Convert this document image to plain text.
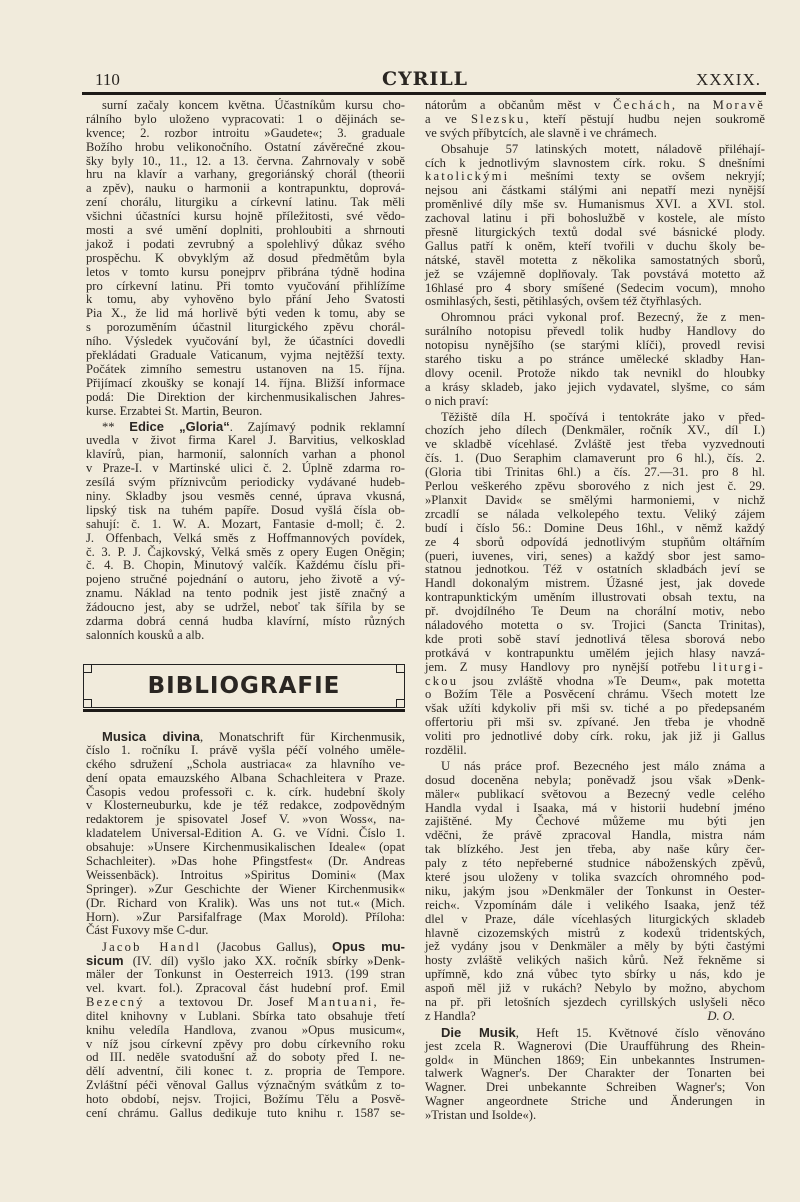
110	CYRILL	XXXIX.
surní začaly koncem května. Účastníkům kursu cho-
rálního bylo uloženo vypracovati: 1 o dějinách se-
kvence; 2. rozbor introitu »Gaudete«; 3. graduale
Božího hrobu velikonočního. Ostatní závěrečné zkou-
šky byly 10., 11., 12. a 13. června. Zahrnovaly v sobě
hru na klavír a varhany, gregoriánský chorál (theorii
a zpěv), nauku o harmonii a kontrapunktu, doprová-
zení chorálu, liturgiku a církevní latinu. Tak měli
všichni účastníci kursu hojně příležitosti, své vědo-
mosti a své umění doplniti, prohloubiti a shrnouti
jakož i podati zevrubný a spolehlivý důkaz svého
prospěchu. K obvyklým až dosud předmětům byla
letos v tomto kursu ponejprv přibrána týdně hodina
pro církevní latinu. Při tomto vyučování přihlížíme
k tomu, aby vyhověno bylo přání Jeho Svatosti
Pia X., že lid má horlivě býti veden k tomu, aby se
s porozuměním účastnil liturgického zpěvu chorál-
ního. Výsledek vyučování byl, že účastníci dovedli
překládati Graduale Vaticanum, vyjma nejtěžší texty.
Počátek zimního semestru ustanoven na 15. října.
Přijímací zkoušky se konají 14. října. Bližší informace
podá: Die Direktion der kirchenmusikalischen Jahres-
kurse. Erzabtei St. Martin, Beuron.
** Edice „Gloria“. Zajímavý podnik reklamní
uvedla v život firma Karel J. Barvitius, velkosklad
klavírů, pian, harmonií, salonních varhan a phonol
v Praze-I. v Martinské ulici č. 2. Úplně zdarma ro-
zesílá svým příznivcům periodicky vydávané hudeb-
niny. Skladby jsou vesměs cenné, úprava vkusná,
lipský tisk na tuhém papíře. Dosud vyšlá čísla ob-
sahují: č. 1. W. A. Mozart, Fantasie d-moll; č. 2.
J. Offenbach, Velká směs z Hoffmannových povídek,
č. 3. P. J. Čajkovský, Velká směs z opery Eugen Oněgin;
č. 4. B. Chopin, Minutový valčík. Každému číslu při-
pojeno stručné pojednání o autoru, jeho životě a vý-
znamu. Náklad na tento podnik jest jistě značný a
žádoucno jest, aby se udržel, neboť tak šířila by se
zdarma dobrá cenná hudba klavírní, místo různých
salonních kousků a alb.
BIBLIOGRAFIE
Musica divina, Monatschrift für Kirchenmusik,
číslo 1. ročníku I. právě vyšla péčí volného uměle-
ckého sdružení „Schola austriaca« za hlavního ve-
dení opata emauzského Albana Schachleitera v Praze.
Časopis vedou professoři c. k. círk. hudební školy
v Klosterneuburku, kde je též redakce, zodpovědným
redaktorem je spisovatel Josef V. »von Woss«, na-
kladatelem Universal-Edition A. G. ve Vídni. Číslo 1.
obsahuje: »Unsere Kirchenmusikalischen Ideale« (opat
Schachleiter). »Das hohe Pfingstfest« (Dr. Andreas
Weissenbäck). Introitus »Spiritus Domini« (Max
Springer). »Zur Geschichte der Wiener Kirchenmusik«
(Dr. Richard von Kralik). Was uns not tut.« (Mich.
Horn). »Zur Parsifalfrage (Max Morold). Příloha:
Část Fuxovy mše C-dur.
Jacob Handl (Jacobus Gallus), Opus mu-
sicum (IV. díl) vyšlo jako XX. ročník sbírky »Denk-
mäler der Tonkunst in Oesterreich 1913. (199 stran
vel. kvart. fol.). Zpracoval část hudební prof. Emil
Bezecný a textovou Dr. Josef Mantuani, ře-
ditel knihovny v Lublani. Sbírka tato obsahuje třetí
knihu veledíla Handlova, zvanou »Opus musicum«,
v níž jsou církevní zpěvy pro dobu církevního roku
od III. neděle svatodušní až do soboty před I. ne-
dělí adventní, čili konec t. z. propria de Tempore.
Zvláštní péči věnoval Gallus význačným svátkům z to-
hoto období, nejsv. Trojici, Božímu Tělu a Posvě-
cení chrámu. Gallus dedikuje tuto knihu r. 1587 se-
nátorům a občanům měst v Čechách, na Moravě
a ve Slezsku, kteří pěstují hudbu nejen soukromě
ve svých příbytcích, ale slavně i ve chrámech.
Obsahuje 57 latinských motett, náladově přiléhají-
cích k jednotlivým slavnostem círk. roku. S dnešními
katolickými mešními texty se ovšem nekryjí;
nejsou ani částkami stálými ani nepatří mezi nynější
proměnlivé díly mše sv. Humanismus XVI. a XVI. stol.
zachoval latinu i při bohoslužbě v kostele, ale místo
přesně liturgických textů dodal své básnické plody.
Gallus patří k oněm, kteří tvořili v duchu školy be-
nátské, stavěl motetta z několika samostatných sborů,
jež se vzájemně doplňovaly. Tak povstává motetto až
16hlasé pro 4 sbory smíšené (Sedecim vocum), mnoho
osmihlasých, šesti, pětihlasých, ovšem též čtyřhlasých.
Ohromnou práci vykonal prof. Bezecný, že z men-
surálního notopisu převedl tolik hudby Handlovy do
notopisu nynějšího (se starými klíči), provedl revisi
starého tisku a po stránce umělecké skladby Han-
dlovy ocenil. Protože nikdo tak nevnikl do hloubky
a krásy skladeb, jako jejich vydavatel, slyšme, co sám
o nich praví:
Těžiště díla H. spočívá i tentokráte jako v před-
chozích jeho dílech (Denkmäler, ročník XV., díl I.)
ve skladbě vícehlasé. Zvláště jest třeba vyzvednouti
čís. 1. (Duo Seraphim clamaverunt pro 6 hl.), čís. 2.
(Gloria tibi Trinitas 6hl.) a čís. 27.—31. pro 8 hl.
Perlou veškerého zpěvu sborového z nich jest č. 29.
»Planxit David« se smělými harmoniemi, v nichž
zrcadlí se nálada velkolepého textu. Veliký zájem
budí i číslo 56.: Domine Deus 16hl., v němž každý
ze 4 sborů odpovídá jednotlivým stupňům oltářním
(pueri, iuvenes, viri, senes) a každý sbor jest samo-
statnou jednotkou. Též v ostatních skladbách jeví se
Handl dokonalým mistrem. Úžasné jest, jak dovede
kontrapunktickým uměním illustrovati obsah textu, na
př. dvojdílného Te Deum na chorální motiv, nebo
náladového motetta o sv. Trojici (Sancta Trinitas),
kde proti sobě staví jednotlivá tělesa sborová nebo
protkává v kontrapunktu umělém jejich hlasy navzá-
jem. Z musy Handlovy pro nynější potřebu liturgi-
ckou jsou zvláště vhodna »Te Deum«, pak motetta
o Božím Těle a Posvěcení chrámu. Všech motett lze
však užíti kdykoliv při mši sv. tiché a po předepsaném
offertoriu při mši sv. zpívané. Jen třeba je vhodně
voliti pro jednotlivé doby círk. roku, jak již ji Gallus
rozdělil.
U nás práce prof. Bezecného jest málo známa a
dosud doceněna nebyla; poněvadž jsou však »Denk-
mäler« publikací světovou a Bezecný vedle celého
Handla vydal i Isaaka, má v historii hudební jméno
zajištěné. My Čechové můžeme mu býti jen
vděčni, že právě zpracoval Handla, mistra nám
tak blízkého. Jest jen třeba, aby naše kůry čer-
paly z této nepřeberné studnice náboženských zpěvů,
které jsou uloženy v tolika svazcích ohromného pod-
niku, jakým jsou »Denkmäler der Tonkunst in Oester-
reich«. Vzpomínám dále i velikého Isaaka, jenž též
dlel v Praze, dále vícehlasých liturgických skladeb
hlavně cizozemských mistrů z kodexů tridentských,
jež vydány jsou v Denkmäler a měly by býti častými
hosty zvláště velikých našich kůrů. Než řekněme si
upřímně, kdo zná vůbec tyto sbírky u nás, kdo je
aspoň měl již v rukách? Nebylo by možno, abychom
na př. při letošních sjezdech cyrillských uslyšeli něco
z Handla?	D. O.
Die Musik, Heft 15. Květnové číslo věnováno
jest zcela R. Wagnerovi (Die Uraufführung des Rhein-
gold« in München 1869; Ein unbekanntes Instrumen-
talwerk Wagner's. Der Charakter der Tonarten bei
Wagner. Drei unbekannte Schreiben Wagner's; Von
Wagner angeordnete Striche und Änderungen in
»Tristan und Isolde«).
